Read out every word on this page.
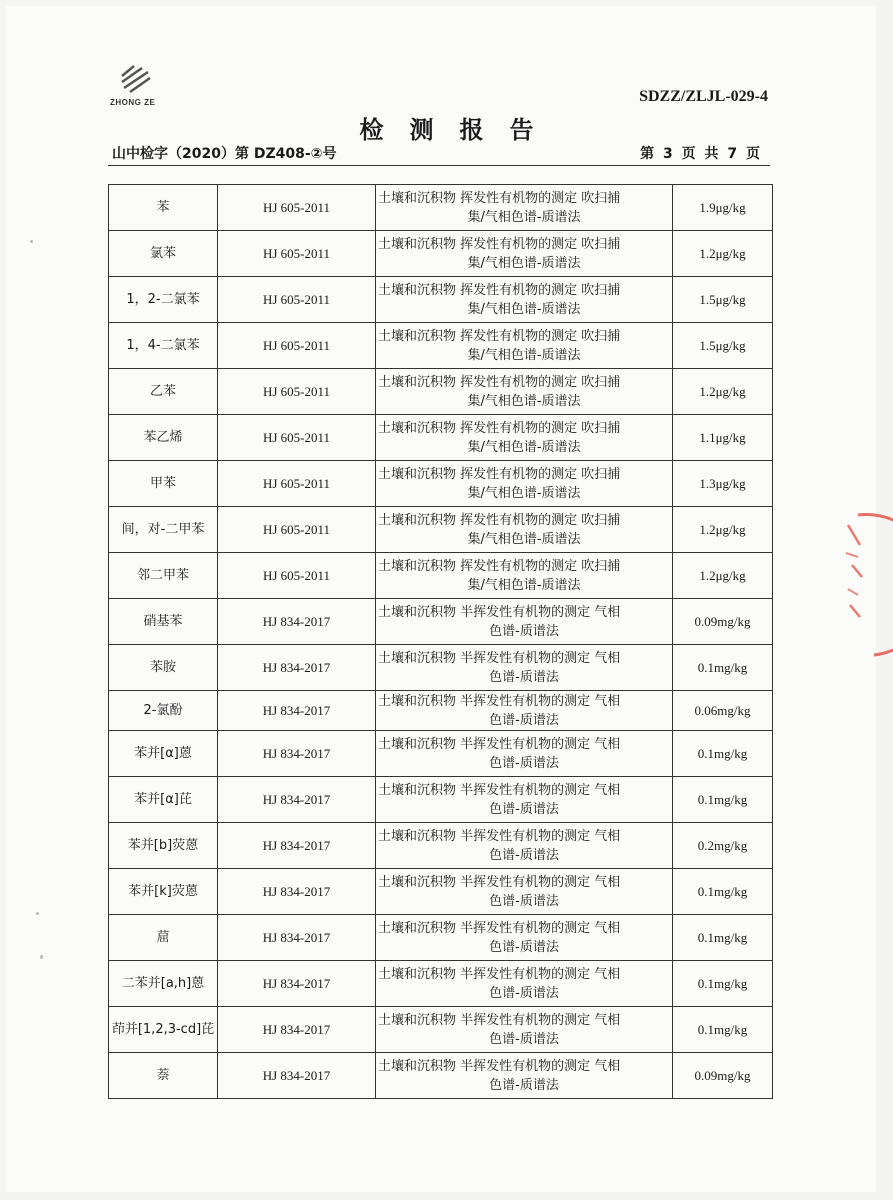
ZHONG ZE	SDZZ/ZLJL-029-4
检测报告
山中检字（2020）第 DZ408-②号	第 3 页 共 7 页
苯	HJ 605-2011	土壤和沉积物 挥发性有机物的测定 吹扫捕
集/气相色谱-质谱法	1.9μg/kg
氯苯	HJ 605-2011	土壤和沉积物 挥发性有机物的测定 吹扫捕
集/气相色谱-质谱法	1.2μg/kg
1，2-二氯苯	HJ 605-2011	土壤和沉积物 挥发性有机物的测定 吹扫捕
集/气相色谱-质谱法	1.5μg/kg
1，4-二氯苯	HJ 605-2011	土壤和沉积物 挥发性有机物的测定 吹扫捕
集/气相色谱-质谱法	1.5μg/kg
乙苯	HJ 605-2011	土壤和沉积物 挥发性有机物的测定 吹扫捕
集/气相色谱-质谱法	1.2μg/kg
苯乙烯	HJ 605-2011	土壤和沉积物 挥发性有机物的测定 吹扫捕
集/气相色谱-质谱法	1.1μg/kg
甲苯	HJ 605-2011	土壤和沉积物 挥发性有机物的测定 吹扫捕
集/气相色谱-质谱法	1.3μg/kg
间，对-二甲苯	HJ 605-2011	土壤和沉积物 挥发性有机物的测定 吹扫捕
集/气相色谱-质谱法	1.2μg/kg
邻二甲苯	HJ 605-2011	土壤和沉积物 挥发性有机物的测定 吹扫捕
集/气相色谱-质谱法	1.2μg/kg
硝基苯	HJ 834-2017	土壤和沉积物 半挥发性有机物的测定 气相
色谱-质谱法	0.09mg/kg
苯胺	HJ 834-2017	土壤和沉积物 半挥发性有机物的测定 气相
色谱-质谱法	0.1mg/kg
2-氯酚	HJ 834-2017	土壤和沉积物 半挥发性有机物的测定 气相
色谱-质谱法	0.06mg/kg
苯并[α]蒽	HJ 834-2017	土壤和沉积物 半挥发性有机物的测定 气相
色谱-质谱法	0.1mg/kg
苯并[α]芘	HJ 834-2017	土壤和沉积物 半挥发性有机物的测定 气相
色谱-质谱法	0.1mg/kg
苯并[b]荧蒽	HJ 834-2017	土壤和沉积物 半挥发性有机物的测定 气相
色谱-质谱法	0.2mg/kg
苯并[k]荧蒽	HJ 834-2017	土壤和沉积物 半挥发性有机物的测定 气相
色谱-质谱法	0.1mg/kg
䓛	HJ 834-2017	土壤和沉积物 半挥发性有机物的测定 气相
色谱-质谱法	0.1mg/kg
二苯并[a,h]蒽	HJ 834-2017	土壤和沉积物 半挥发性有机物的测定 气相
色谱-质谱法	0.1mg/kg
茚并[1,2,3-cd]芘	HJ 834-2017	土壤和沉积物 半挥发性有机物的测定 气相
色谱-质谱法	0.1mg/kg
萘	HJ 834-2017	土壤和沉积物 半挥发性有机物的测定 气相
色谱-质谱法	0.09mg/kg
